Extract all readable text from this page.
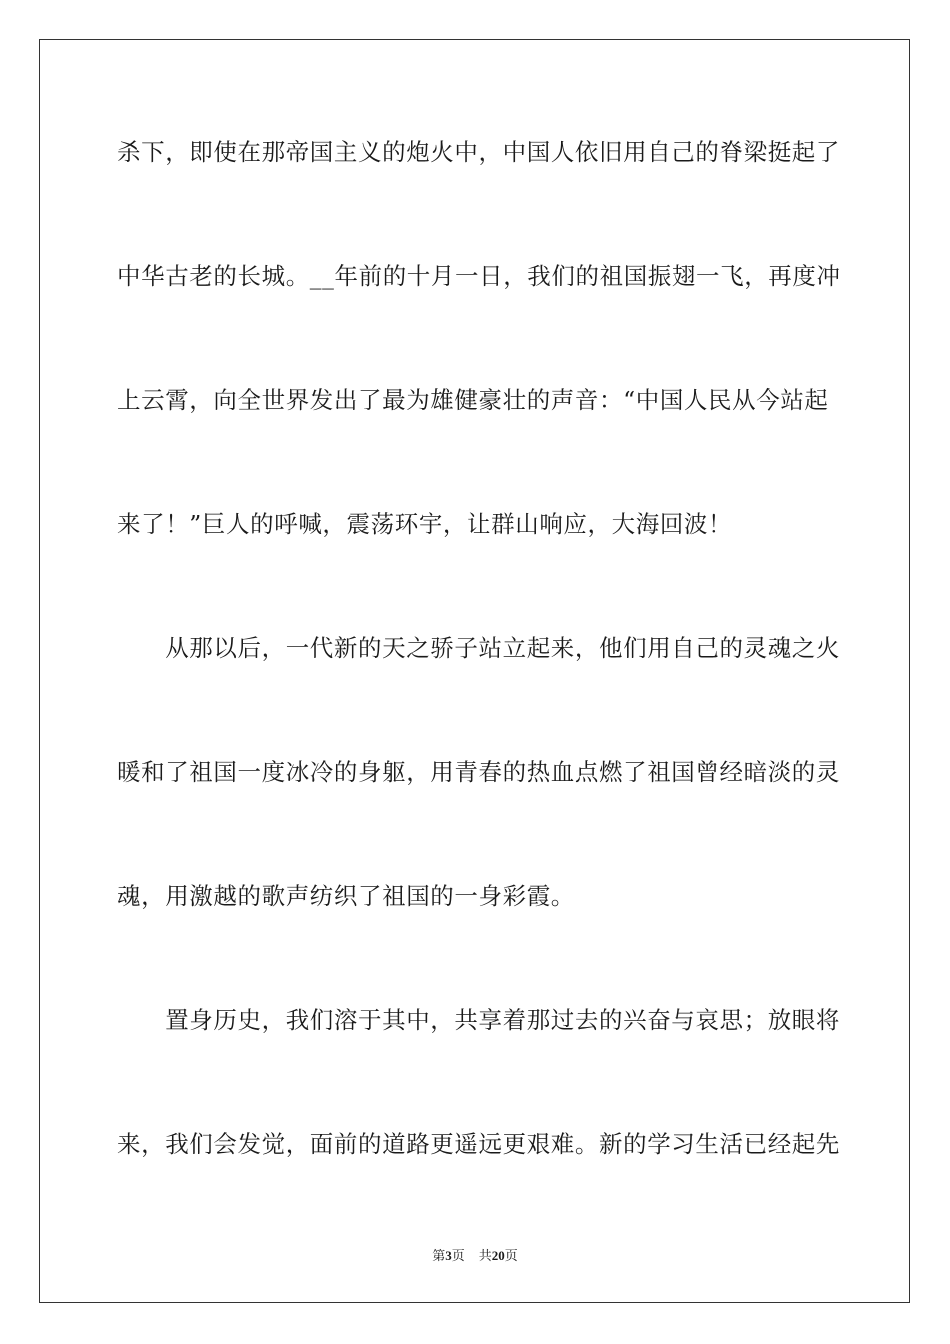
杀下，即使在那帝国主义的炮火中，中国人依旧用自己的脊梁挺起了
中华古老的长城。__年前的十月一日，我们的祖国振翅一飞，再度冲
上云霄，向全世界发出了最为雄健豪壮的声音：“中国人民从今站起
来了！”巨人的呼喊，震荡环宇，让群山响应，大海回波！
　　从那以后，一代新的天之骄子站立起来，他们用自己的灵魂之火
暖和了祖国一度冰冷的身躯，用青春的热血点燃了祖国曾经暗淡的灵
魂，用激越的歌声纺织了祖国的一身彩霞。
　　置身历史，我们溶于其中，共享着那过去的兴奋与哀思；放眼将
来，我们会发觉，面前的道路更遥远更艰难。新的学习生活已经起先
第3页 共20页
